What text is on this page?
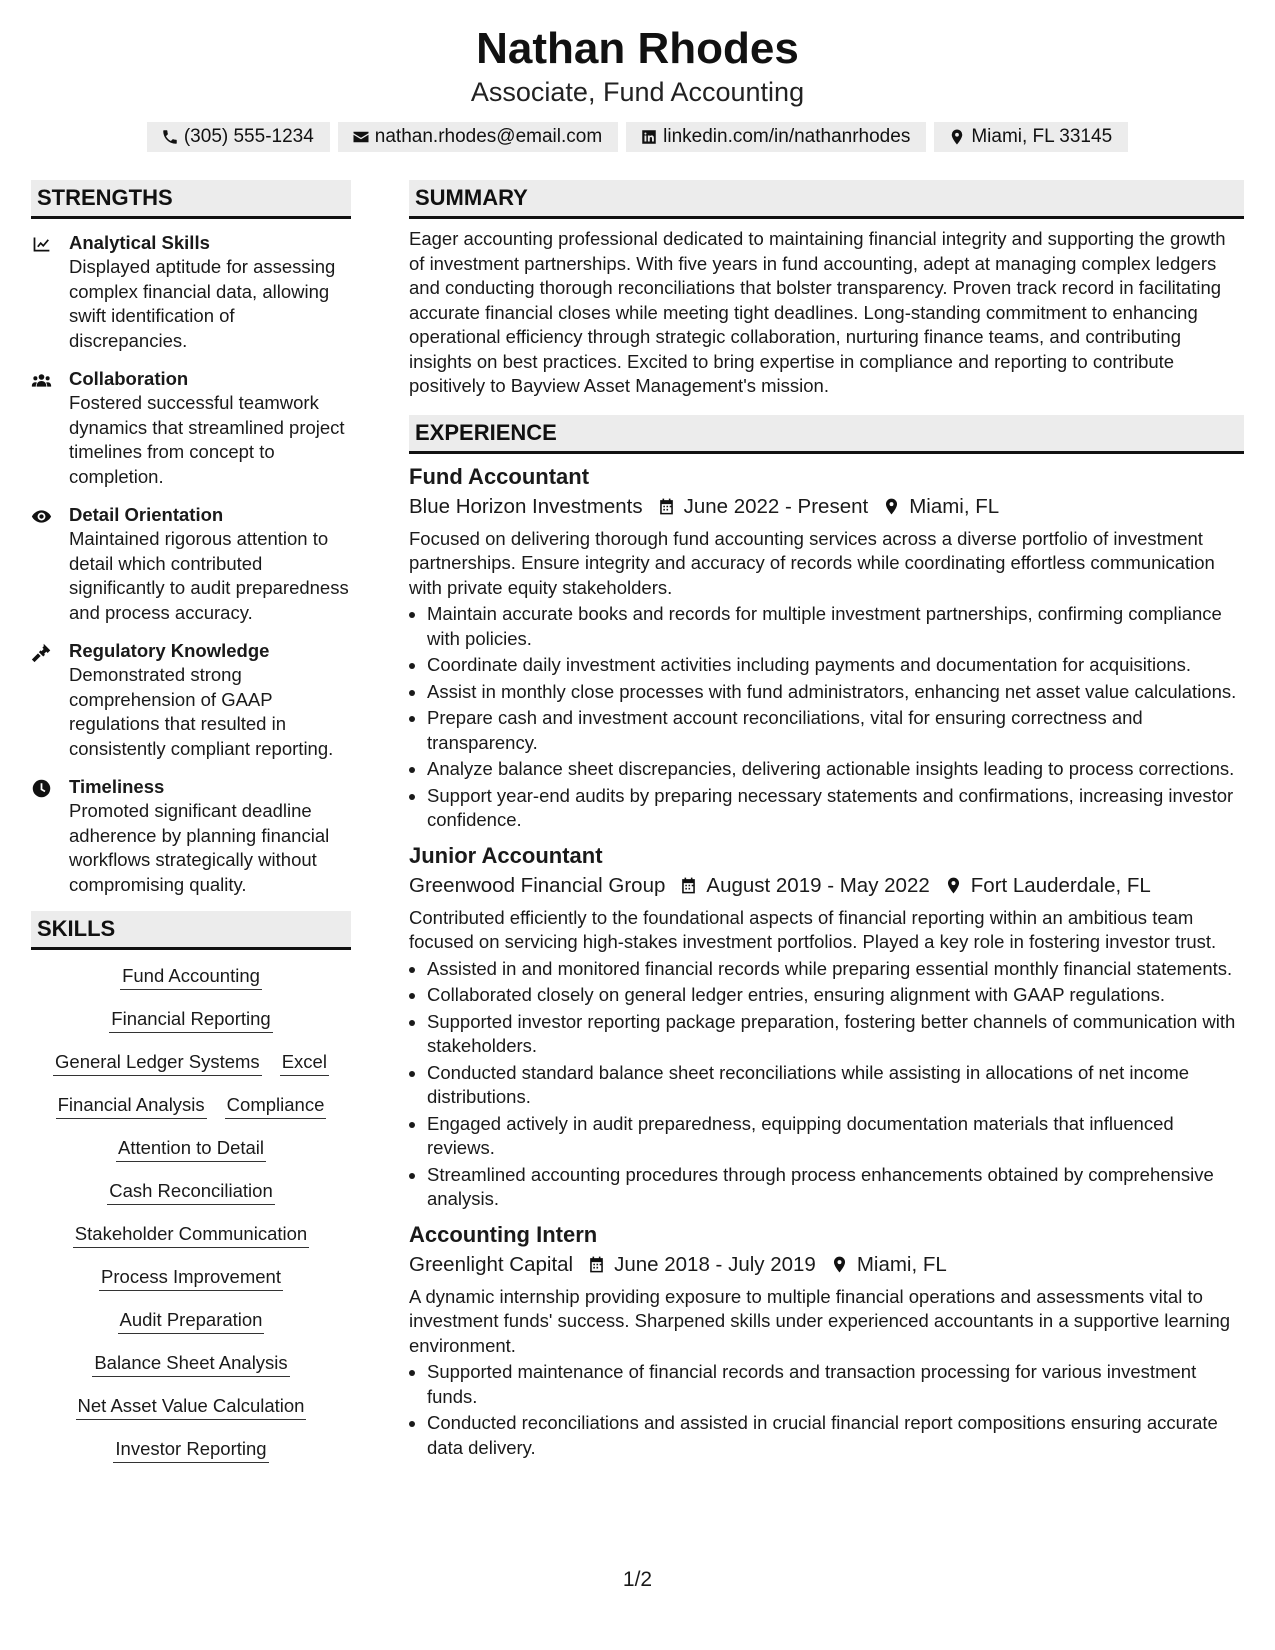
Nathan Rhodes
Associate, Fund Accounting
(305) 555-1234	nathan.rhodes@email.com	linkedin.com/in/nathanrhodes	Miami, FL 33145
STRENGTHS
Analytical Skills
Displayed aptitude for assessing complex financial data, allowing swift identification of discrepancies.
Collaboration
Fostered successful teamwork dynamics that streamlined project timelines from concept to completion.
Detail Orientation
Maintained rigorous attention to detail which contributed significantly to audit preparedness and process accuracy.
Regulatory Knowledge
Demonstrated strong comprehension of GAAP regulations that resulted in consistently compliant reporting.
Timeliness
Promoted significant deadline adherence by planning financial workflows strategically without compromising quality.
SKILLS
Fund Accounting
Financial Reporting
General Ledger Systems Excel
Financial Analysis Compliance
Attention to Detail
Cash Reconciliation
Stakeholder Communication
Process Improvement
Audit Preparation
Balance Sheet Analysis
Net Asset Value Calculation
Investor Reporting
SUMMARY
Eager accounting professional dedicated to maintaining financial integrity and supporting the growth of investment partnerships. With five years in fund accounting, adept at managing complex ledgers and conducting thorough reconciliations that bolster transparency. Proven track record in facilitating accurate financial closes while meeting tight deadlines. Long-standing commitment to enhancing operational efficiency through strategic collaboration, nurturing finance teams, and contributing insights on best practices. Excited to bring expertise in compliance and reporting to contribute positively to Bayview Asset Management's mission.
EXPERIENCE
Fund Accountant
Blue Horizon Investments June 2022 - Present Miami, FL
Focused on delivering thorough fund accounting services across a diverse portfolio of investment partnerships. Ensure integrity and accuracy of records while coordinating effortless communication with private equity stakeholders.
• Maintain accurate books and records for multiple investment partnerships, confirming compliance with policies.
• Coordinate daily investment activities including payments and documentation for acquisitions.
• Assist in monthly close processes with fund administrators, enhancing net asset value calculations.
• Prepare cash and investment account reconciliations, vital for ensuring correctness and transparency.
• Analyze balance sheet discrepancies, delivering actionable insights leading to process corrections.
• Support year-end audits by preparing necessary statements and confirmations, increasing investor confidence.
Junior Accountant
Greenwood Financial Group August 2019 - May 2022 Fort Lauderdale, FL
Contributed efficiently to the foundational aspects of financial reporting within an ambitious team focused on servicing high-stakes investment portfolios. Played a key role in fostering investor trust.
• Assisted in and monitored financial records while preparing essential monthly financial statements.
• Collaborated closely on general ledger entries, ensuring alignment with GAAP regulations.
• Supported investor reporting package preparation, fostering better channels of communication with stakeholders.
• Conducted standard balance sheet reconciliations while assisting in allocations of net income distributions.
• Engaged actively in audit preparedness, equipping documentation materials that influenced reviews.
• Streamlined accounting procedures through process enhancements obtained by comprehensive analysis.
Accounting Intern
Greenlight Capital June 2018 - July 2019 Miami, FL
A dynamic internship providing exposure to multiple financial operations and assessments vital to investment funds' success. Sharpened skills under experienced accountants in a supportive learning environment.
• Supported maintenance of financial records and transaction processing for various investment funds.
• Conducted reconciliations and assisted in crucial financial report compositions ensuring accurate data delivery.
1/2
